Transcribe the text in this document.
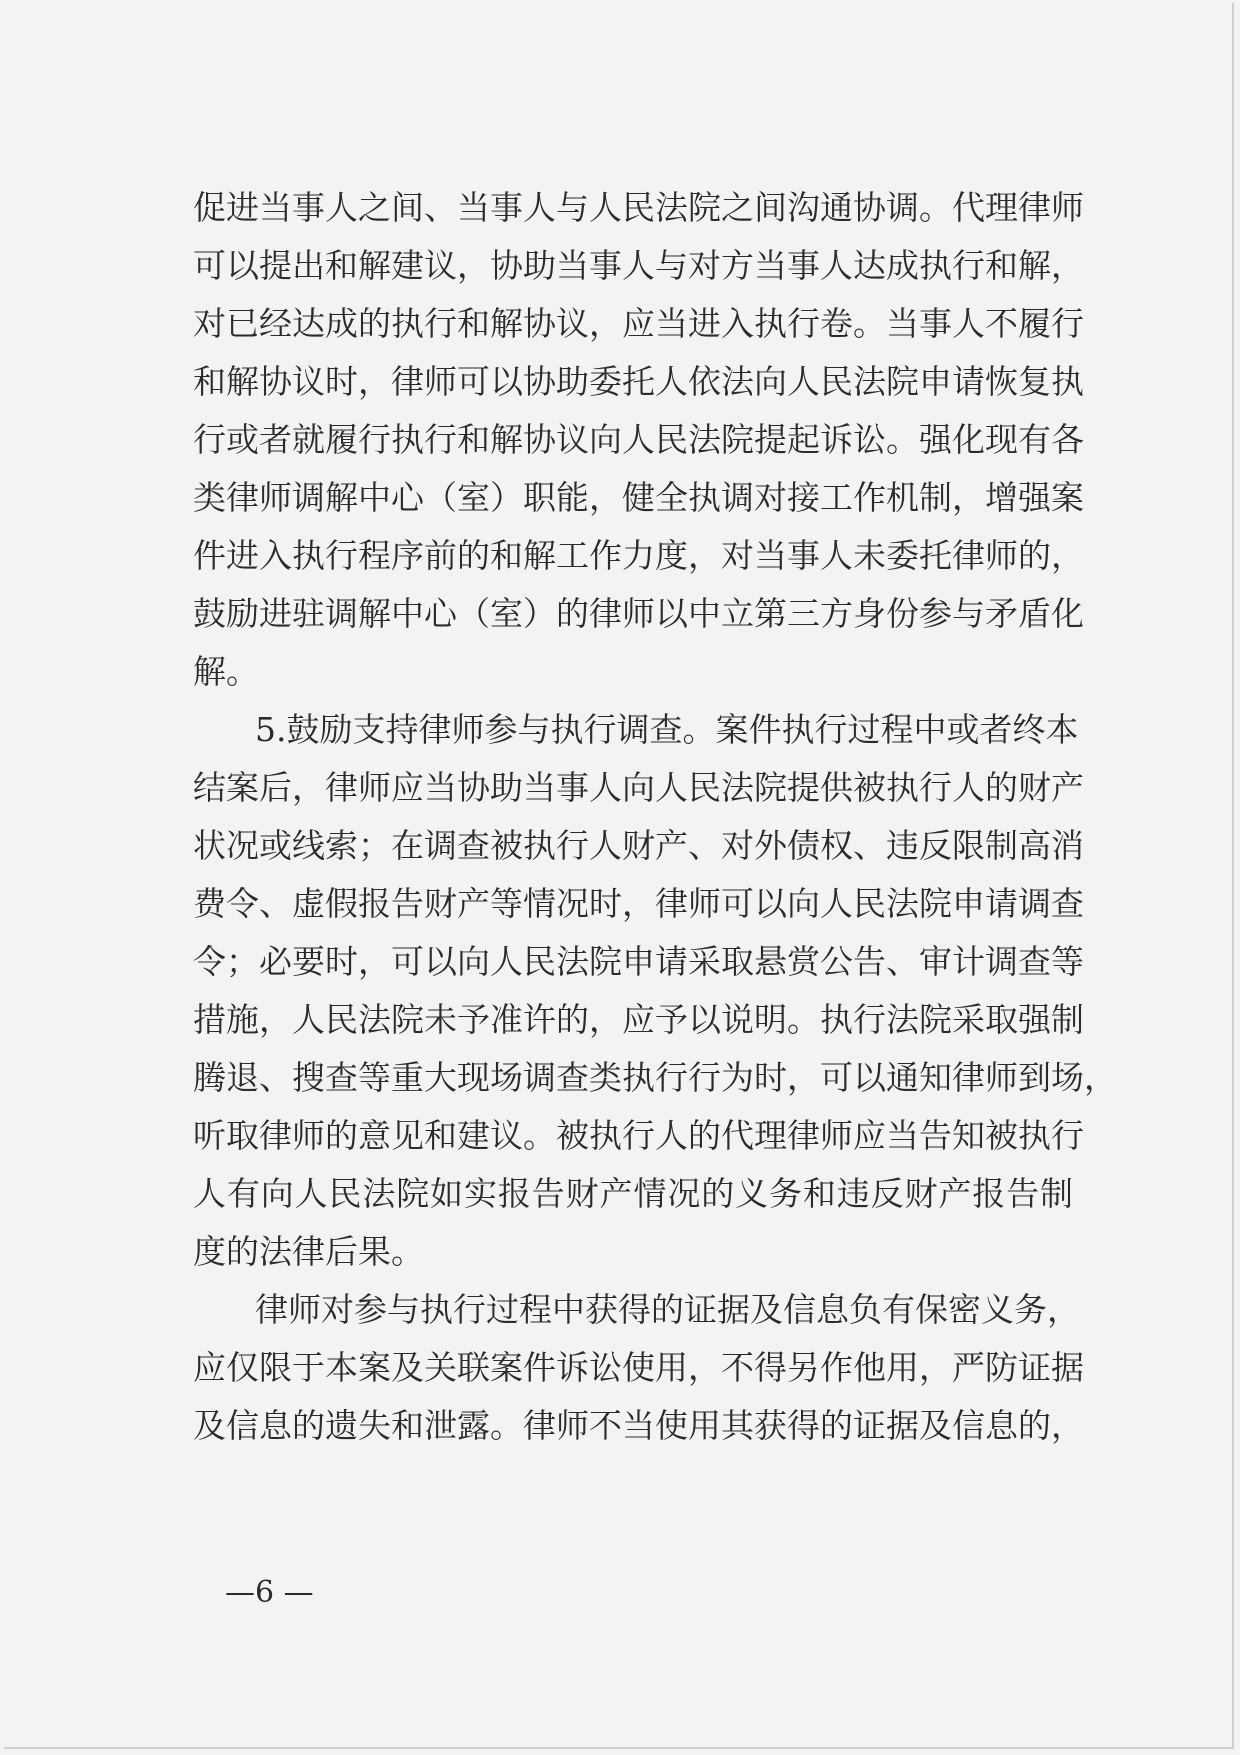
促进当事人之间、当事人与人民法院之间沟通协调。代理律师
可以提出和解建议，协助当事人与对方当事人达成执行和解，
对已经达成的执行和解协议，应当进入执行卷。当事人不履行
和解协议时，律师可以协助委托人依法向人民法院申请恢复执
行或者就履行执行和解协议向人民法院提起诉讼。强化现有各
类律师调解中心（室）职能，健全执调对接工作机制，增强案
件进入执行程序前的和解工作力度，对当事人未委托律师的，
鼓励进驻调解中心（室）的律师以中立第三方身份参与矛盾化
解。
5.鼓励支持律师参与执行调查。案件执行过程中或者终本
结案后，律师应当协助当事人向人民法院提供被执行人的财产
状况或线索；在调查被执行人财产、对外债权、违反限制高消
费令、虚假报告财产等情况时，律师可以向人民法院申请调查
令；必要时，可以向人民法院申请采取悬赏公告、审计调查等
措施，人民法院未予准许的，应予以说明。执行法院采取强制
腾退、搜查等重大现场调查类执行行为时，可以通知律师到场，
听取律师的意见和建议。被执行人的代理律师应当告知被执行
人有向人民法院如实报告财产情况的义务和违反财产报告制
度的法律后果。
律师对参与执行过程中获得的证据及信息负有保密义务，
应仅限于本案及关联案件诉讼使用，不得另作他用，严防证据
及信息的遗失和泄露。律师不当使用其获得的证据及信息的，
—6 —
